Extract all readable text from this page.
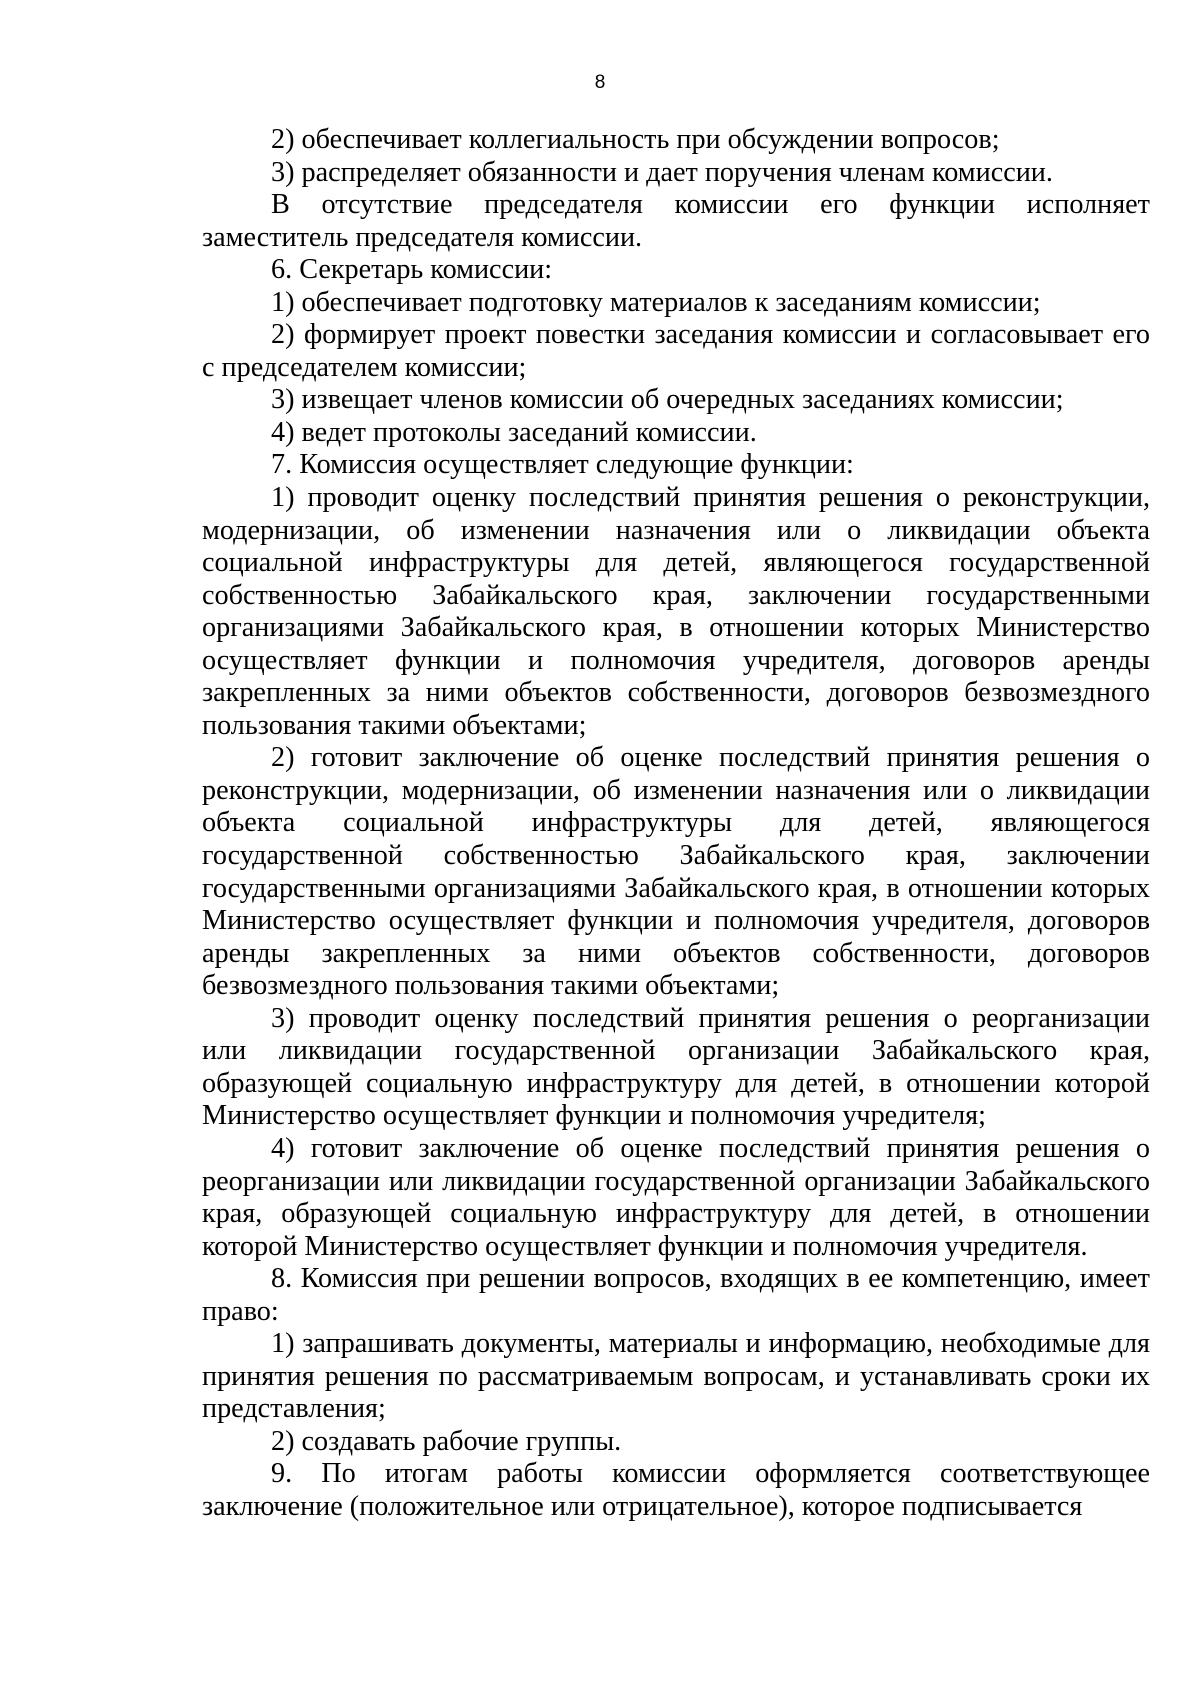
8

2) обеспечивает коллегиальность при обсуждении вопросов;

3) распределяет обязанности и дает поручения членам комиссии.

В отсутствие председателя комиссии его функции исполняет заместитель председателя комиссии.

6. Секретарь комиссии:

1) обеспечивает подготовку материалов к заседаниям комиссии;

2) формирует проект повестки заседания комиссии и согласовывает его с председателем комиссии;

3) извещает членов комиссии об очередных заседаниях комиссии;

4) ведет протоколы заседаний комиссии.

7. Комиссия осуществляет следующие функции:

1) проводит оценку последствий принятия решения о реконструкции, модернизации, об изменении назначения или о ликвидации объекта социальной инфраструктуры для детей, являющегося государственной собственностью Забайкальского края, заключении государственными организациями Забайкальского края, в отношении которых Министерство осуществляет функции и полномочия учредителя, договоров аренды закрепленных за ними объектов собственности, договоров безвозмездного пользования такими объектами;

2) готовит заключение об оценке последствий принятия решения о реконструкции, модернизации, об изменении назначения или о ликвидации объекта социальной инфраструктуры для детей, являющегося государственной собственностью Забайкальского края, заключении государственными организациями Забайкальского края, в отношении которых Министерство осуществляет функции и полномочия учредителя, договоров аренды закрепленных за ними объектов собственности, договоров безвозмездного пользования такими объектами;

3) проводит оценку последствий принятия решения о реорганизации или ликвидации государственной организации Забайкальского края, образующей социальную инфраструктуру для детей, в отношении которой Министерство осуществляет функции и полномочия учредителя;

4) готовит заключение об оценке последствий принятия решения о реорганизации или ликвидации государственной организации Забайкальского края, образующей социальную инфраструктуру для детей, в отношении которой Министерство осуществляет функции и полномочия учредителя.

8. Комиссия при решении вопросов, входящих в ее компетенцию, имеет право:

1) запрашивать документы, материалы и информацию, необходимые для принятия решения по рассматриваемым вопросам, и устанавливать сроки их представления;

2) создавать рабочие группы.

9. По итогам работы комиссии оформляется соответствующее заключение (положительное или отрицательное), которое подписывается
